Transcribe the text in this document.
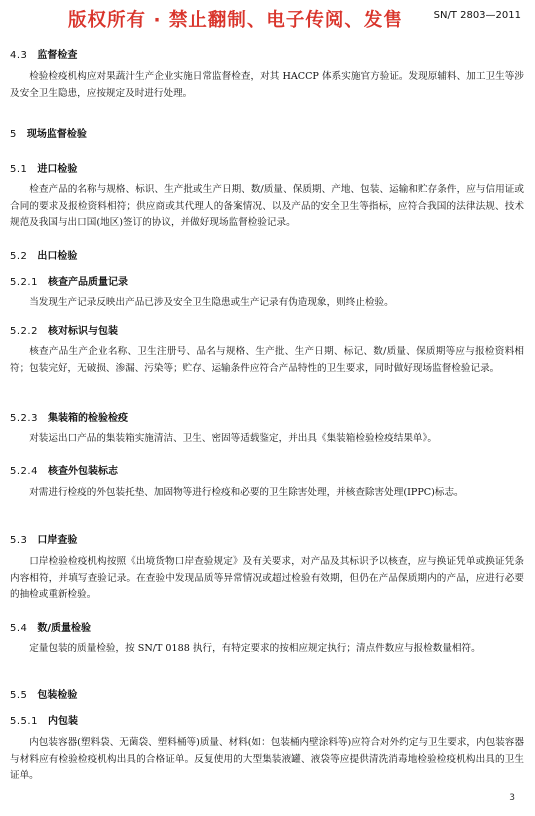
版权所有 · 禁止翻制、电子传阅、发售	SN/T 2803—2011
4.3 监督检查

检验检疫机构应对果蔬汁生产企业实施日常监督检查，对其 HACCP 体系实施官方验证。发现原辅料、加工卫生等涉及安全卫生隐患，应按规定及时进行处理。

5 现场监督检验
5.1 进口检验

检查产品的名称与规格、标识、生产批或生产日期、数/质量、保质期、产地、包装、运输和贮存条件，应与信用证或合同的要求及报检资料相符；供应商或其代理人的备案情况、以及产品的安全卫生等指标，应符合我国的法律法规、技术规范及我国与出口国(地区)签订的协议，并做好现场监督检验记录。

5.2 出口检验
5.2.1 核查产品质量记录

当发现生产记录反映出产品已涉及安全卫生隐患或生产记录有伪造现象，则终止检验。

5.2.2 核对标识与包装

核查产品生产企业名称、卫生注册号、品名与规格、生产批、生产日期、标记、数/质量、保质期等应与报检资料相符；包装完好，无破损、渗漏、污染等；贮存、运输条件应符合产品特性的卫生要求，同时做好现场监督检验记录。

5.2.3 集装箱的检验检疫

对装运出口产品的集装箱实施清洁、卫生、密固等适载鉴定，并出具《集装箱检验检疫结果单》。

5.2.4 核查外包装标志

对需进行检疫的外包装托垫、加固物等进行检疫和必要的卫生除害处理，并核查除害处理(IPPC)标志。

5.3 口岸查验

口岸检验检疫机构按照《出境货物口岸查验规定》及有关要求，对产品及其标识予以核查，应与换证凭单或换证凭条内容相符，并填写查验记录。在查验中发现品质等异常情况或超过检验有效期，但仍在产品保质期内的产品，应进行必要的抽检或重新检验。

5.4 数/质量检验

定量包装的质量检验，按 SN/T 0188 执行，有特定要求的按相应规定执行；清点件数应与报检数量相符。

5.5 包装检验
5.5.1 内包装

内包装容器(塑料袋、无菌袋、塑料桶等)质量、材料(如：包装桶内壁涂料等)应符合对外约定与卫生要求，内包装容器与材料应有检验检疫机构出具的合格证单。反复使用的大型集装液罐、液袋等应提供清洗消毒地检验检疫机构出具的卫生证单。

3
